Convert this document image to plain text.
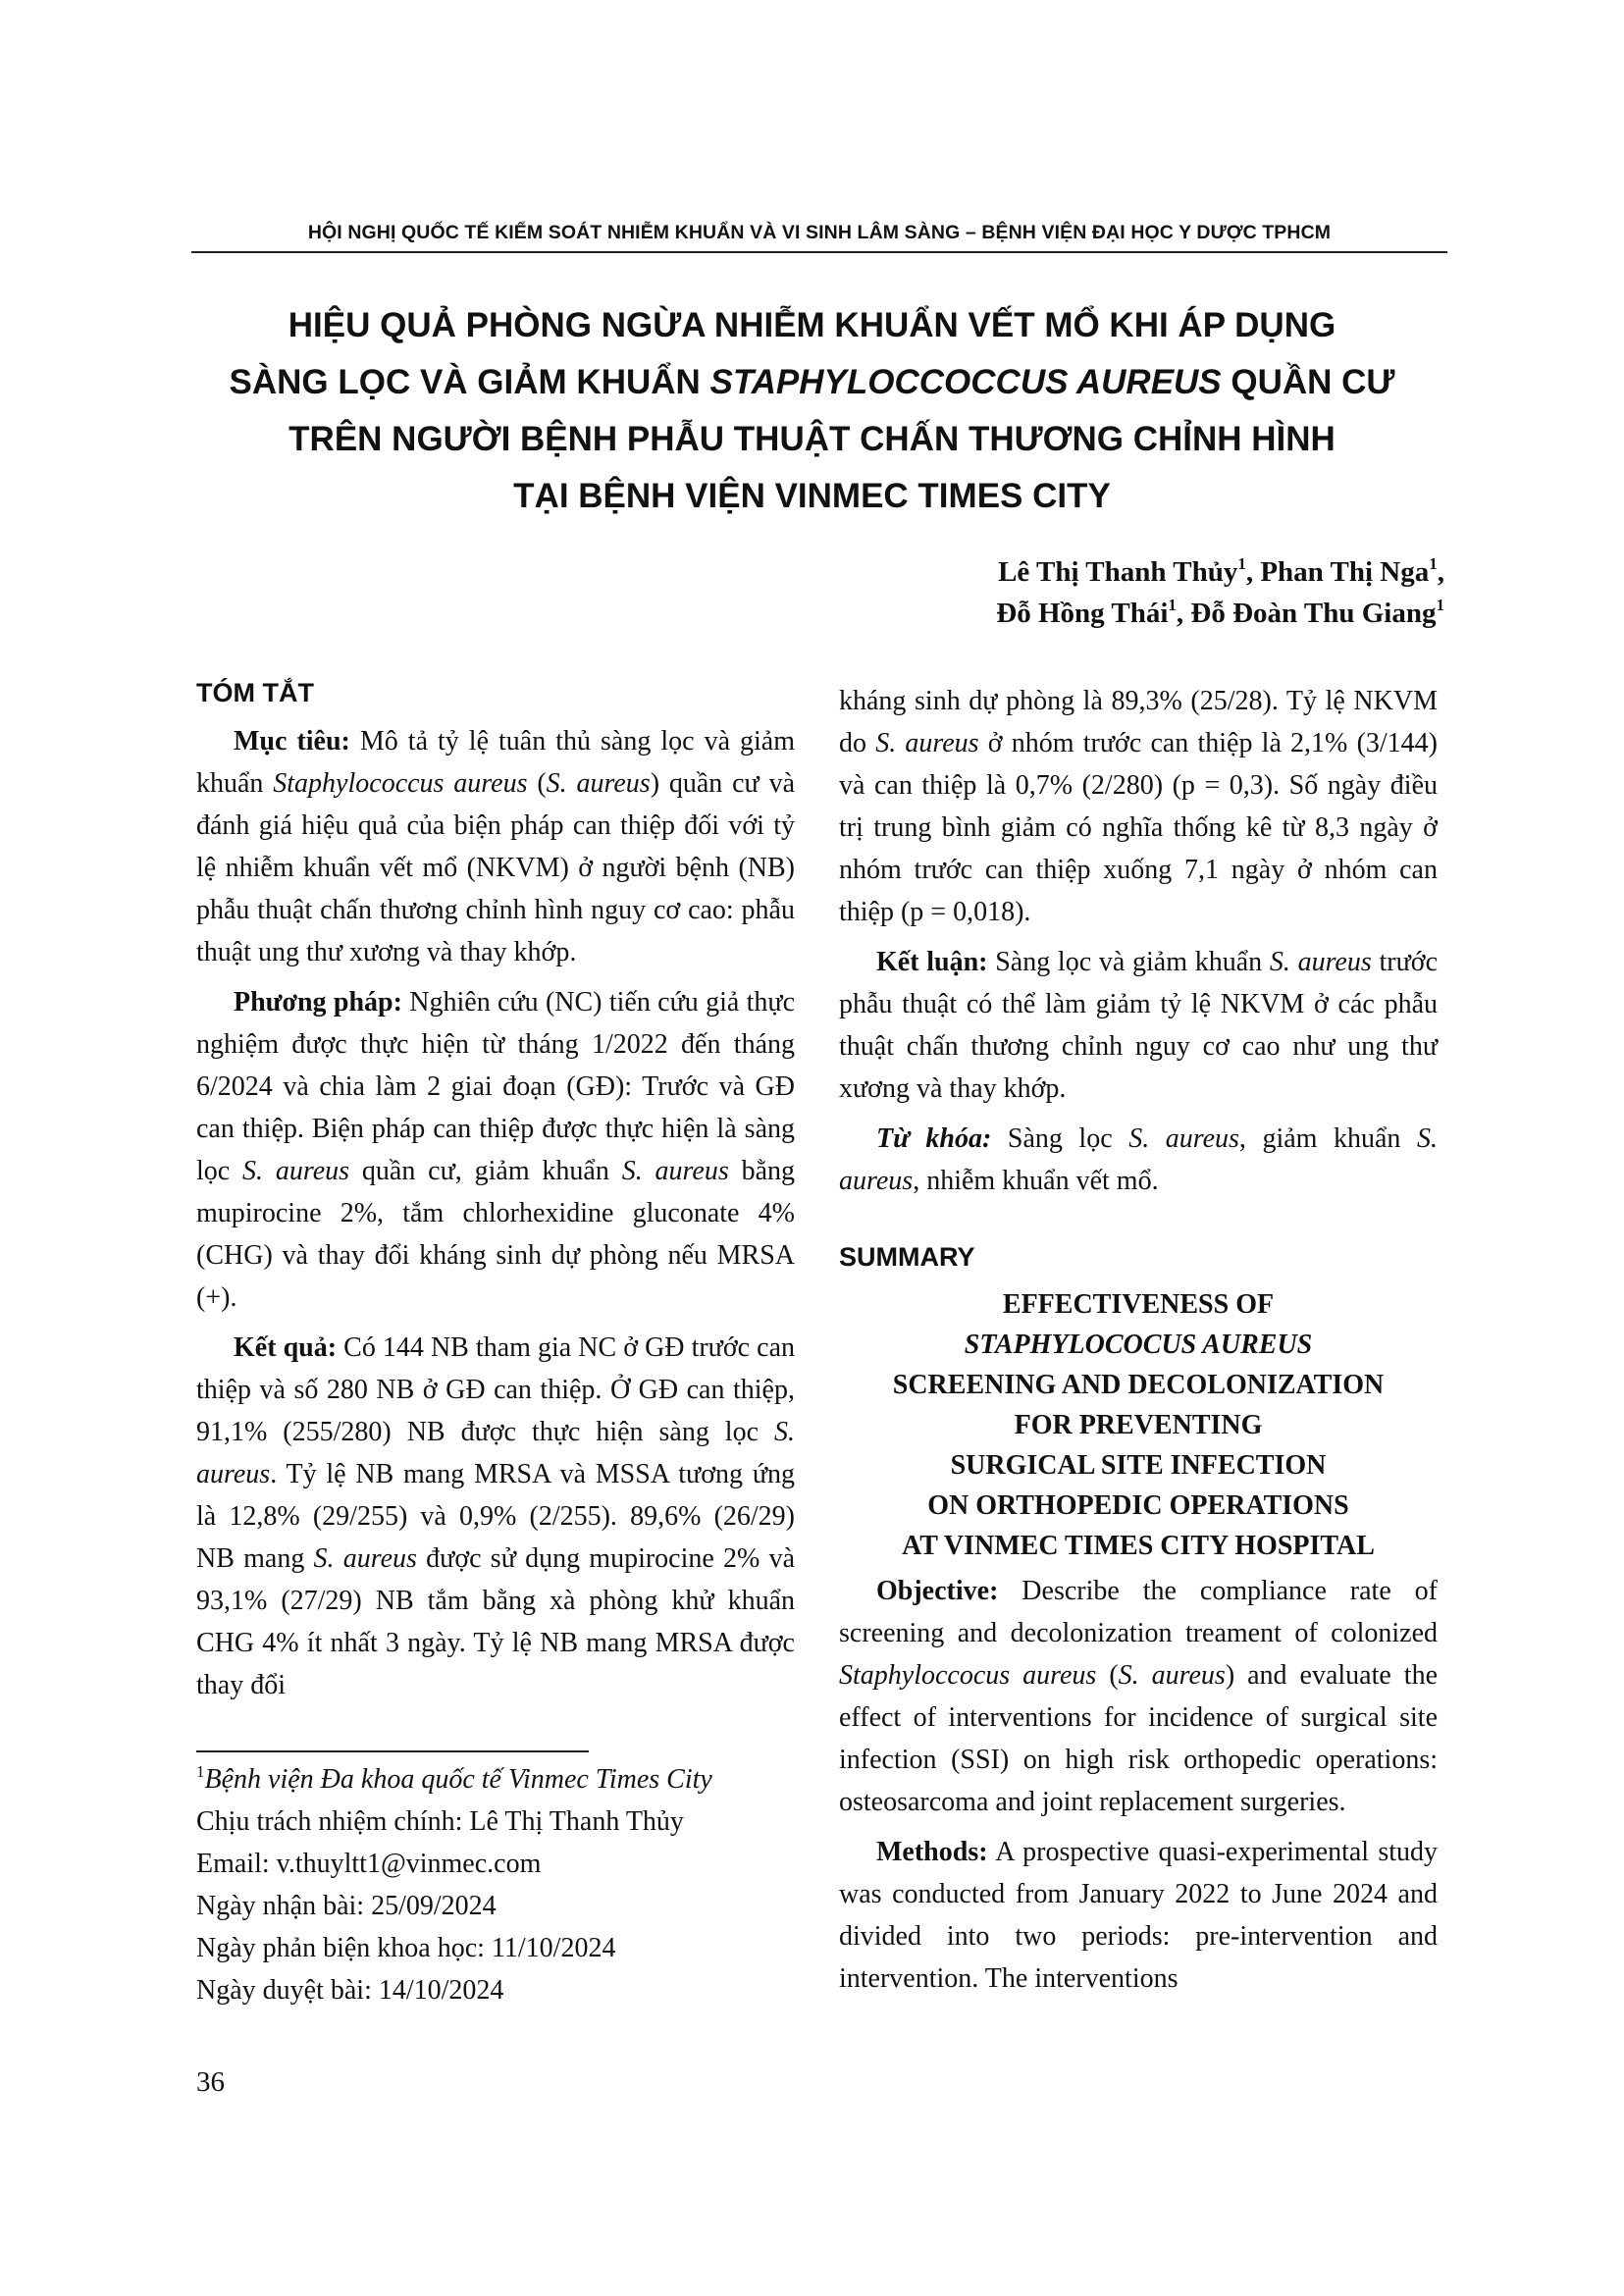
HỘI NGHỊ QUỐC TẾ KIỂM SOÁT NHIỄM KHUẨN VÀ VI SINH LÂM SÀNG – BỆNH VIỆN ĐẠI HỌC Y DƯỢC TPHCM
HIỆU QUẢ PHÒNG NGỪA NHIỄM KHUẨN VẾT MỔ KHI ÁP DỤNG
SÀNG LỌC VÀ GIẢM KHUẨN STAPHYLOCCOCCUS AUREUS QUẦN CƯ
TRÊN NGƯỜI BỆNH PHẪU THUẬT CHẤN THƯƠNG CHỈNH HÌNH
TẠI BỆNH VIỆN VINMEC TIMES CITY
Lê Thị Thanh Thủy$^1$, Phan Thị Nga$^1$,
Đỗ Hồng Thái$^1$, Đỗ Đoàn Thu Giang$^1$
TÓM TẮT

Mục tiêu: Mô tả tỷ lệ tuân thủ sàng lọc và giảm khuẩn Staphylococcus aureus (S. aureus) quần cư và đánh giá hiệu quả của biện pháp can thiệp đối với tỷ lệ nhiễm khuẩn vết mổ (NKVM) ở người bệnh (NB) phẫu thuật chấn thương chỉnh hình nguy cơ cao: phẫu thuật ung thư xương và thay khớp.

Phương pháp: Nghiên cứu (NC) tiến cứu giả thực nghiệm được thực hiện từ tháng 1/2022 đến tháng 6/2024 và chia làm 2 giai đoạn (GĐ): Trước và GĐ can thiệp. Biện pháp can thiệp được thực hiện là sàng lọc S. aureus quần cư, giảm khuẩn S. aureus bằng mupirocine 2%, tắm chlorhexidine gluconate 4% (CHG) và thay đổi kháng sinh dự phòng nếu MRSA (+).

Kết quả: Có 144 NB tham gia NC ở GĐ trước can thiệp và số 280 NB ở GĐ can thiệp. Ở GĐ can thiệp, 91,1% (255/280) NB được thực hiện sàng lọc S. aureus. Tỷ lệ NB mang MRSA và MSSA tương ứng là 12,8% (29/255) và 0,9% (2/255). 89,6% (26/29) NB mang S. aureus được sử dụng mupirocine 2% và 93,1% (27/29) NB tắm bằng xà phòng khử khuẩn CHG 4% ít nhất 3 ngày. Tỷ lệ NB mang MRSA được thay đổi

$^1$Bệnh viện Đa khoa quốc tế Vinmec Times City
Chịu trách nhiệm chính: Lê Thị Thanh Thủy
Email: v.thuyltt1@vinmec.com
Ngày nhận bài: 25/09/2024
Ngày phản biện khoa học: 11/10/2024
Ngày duyệt bài: 14/10/2024

kháng sinh dự phòng là 89,3% (25/28). Tỷ lệ NKVM do S. aureus ở nhóm trước can thiệp là 2,1% (3/144) và can thiệp là 0,7% (2/280) (p = 0,3). Số ngày điều trị trung bình giảm có nghĩa thống kê từ 8,3 ngày ở nhóm trước can thiệp xuống 7,1 ngày ở nhóm can thiệp (p = 0,018).

Kết luận: Sàng lọc và giảm khuẩn S. aureus trước phẫu thuật có thể làm giảm tỷ lệ NKVM ở các phẫu thuật chấn thương chỉnh nguy cơ cao như ung thư xương và thay khớp.

Từ khóa: Sàng lọc S. aureus, giảm khuẩn S. aureus, nhiễm khuẩn vết mổ.

SUMMARY
EFFECTIVENESS OF
STAPHYLOCOCUS AUREUS
SCREENING AND DECOLONIZATION
FOR PREVENTING
SURGICAL SITE INFECTION
ON ORTHOPEDIC OPERATIONS
AT VINMEC TIMES CITY HOSPITAL

Objective: Describe the compliance rate of screening and decolonization treament of colonized Staphyloccocus aureus (S. aureus) and evaluate the effect of interventions for incidence of surgical site infection (SSI) on high risk orthopedic operations: osteosarcoma and joint replacement surgeries.

Methods: A prospective quasi-experimental study was conducted from January 2022 to June 2024 and divided into two periods: pre-intervention and intervention. The interventions

36
